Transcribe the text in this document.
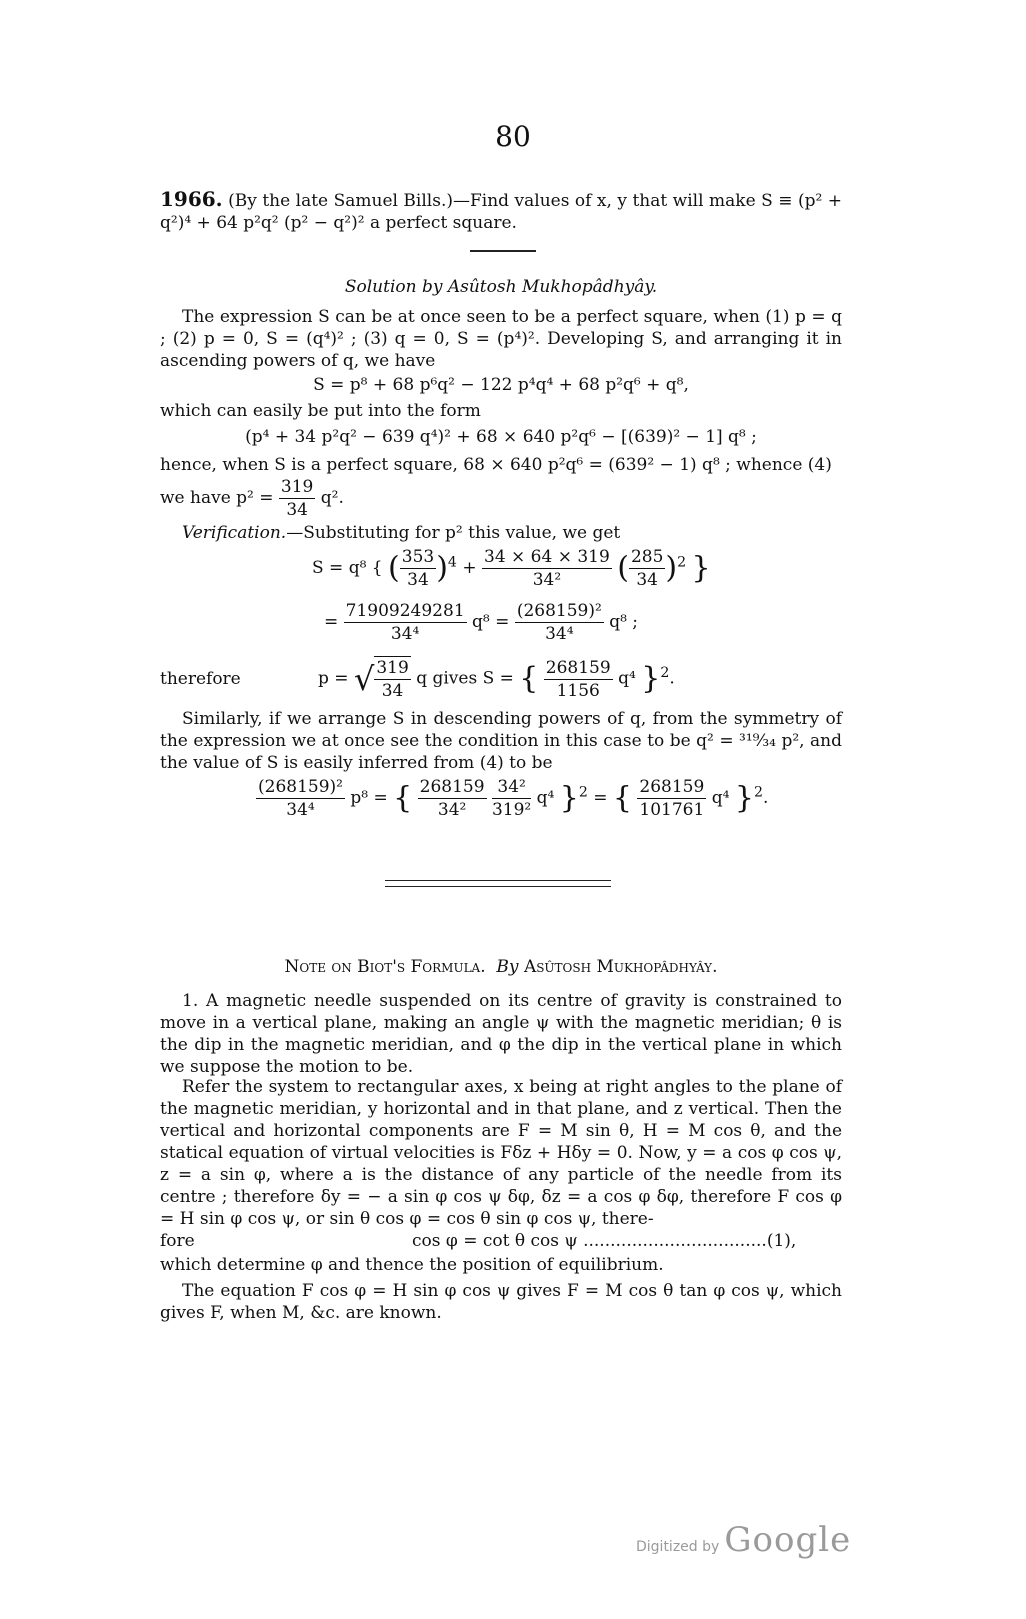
80

1966. (By the late Samuel Bills.)—Find values of x, y that will make S ≡ (p² + q²)⁴ + 64 p²q² (p² − q²)² a perfect square.

Solution by Asûtosh Mukhopâdhyây.

The expression S can be at once seen to be a perfect square, when (1) p = q ; (2) p = 0, S = (q⁴)² ; (3) q = 0, S = (p⁴)². Developing S, and arranging it in ascending powers of q, we have

S = p⁸ + 68 p⁶q² − 122 p⁴q⁴ + 68 p²q⁶ + q⁸,

which can easily be put into the form

(p⁴ + 34 p²q² − 639 q⁴)² + 68 × 640 p²q⁶ − [(639)² − 1] q⁸ ;

hence, when S is a perfect square, 68 × 640 p²q⁶ = (639² − 1) q⁸ ; whence (4)

we have $p^2 = \frac{319}{34} q^2$.

Verification.—Substituting for p² this value, we get

S = q⁸ { ( $\frac{353}{34} )^4 + \frac{34 \times 64 \times 319}{\text{34²}}$ ( $\frac{285}{34} )^2$ }
= $\frac{71909249281}{\text{34⁴}} q^8 = \frac{\text{(268159)²}}{\text{34⁴}} q^8$ ;
therefore	p = √ $\frac{319}{34}$ q gives S = { $\frac{268159}{1156} q^4$ }$^2$.

Similarly, if we arrange S in descending powers of q, from the symmetry of the expression we at once see the condition in this case to be q² = ³¹⁹⁄₃₄ p², and the value of S is easily inferred from (4) to be

$\frac{\text{(268159)²}}{\text{34⁴}} p^8$ = { $\frac{268159}{\text{34²}}$
$\frac{\text{34²}}{\text{319²}} q^4$ }$^2$ = { $\frac{268159}{101761} q^4$ }$^2$.

Note on Biot's Formula. By Asûtosh Mukhopâdhyây.

1. A magnetic needle suspended on its centre of gravity is constrained to move in a vertical plane, making an angle ψ with the magnetic meridian; θ is the dip in the magnetic meridian, and φ the dip in the vertical plane in which we suppose the motion to be.

Refer the system to rectangular axes, x being at right angles to the plane of the magnetic meridian, y horizontal and in that plane, and z vertical. Then the vertical and horizontal components are F = M sin θ, H = M cos θ, and the statical equation of virtual velocities is Fδz + Hδy = 0. Now, y = a cos φ cos ψ, z = a sin φ, where a is the distance of any particle of the needle from its centre ; therefore δy = − a sin φ cos ψ δφ, δz = a cos φ δφ, therefore F cos φ = H sin φ cos ψ, or sin θ cos φ = cos θ sin φ cos ψ, there-

fore	cos φ = cot θ cos ψ ..................................(1),

which determine φ and thence the position of equilibrium.

The equation F cos φ = H sin φ cos ψ gives F = M cos θ tan φ cos ψ, which gives F, when M, &c. are known.

Digitized by Google
